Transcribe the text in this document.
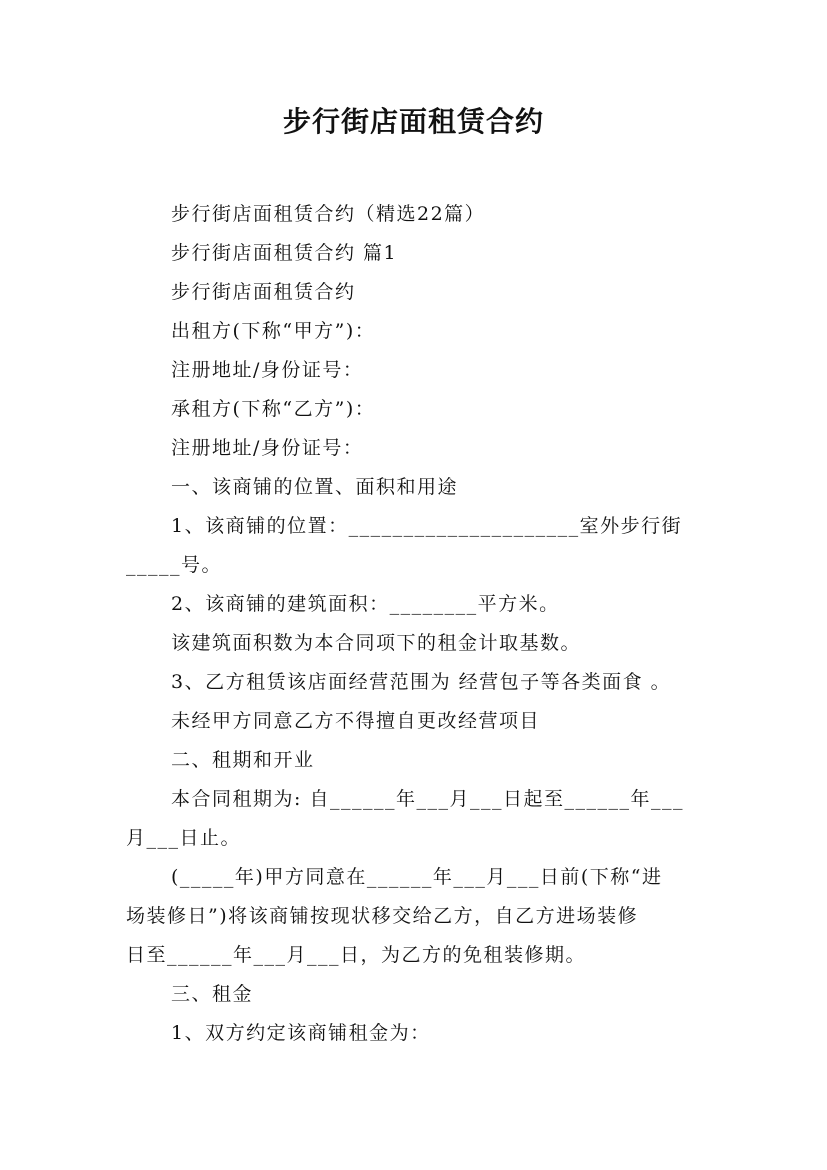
步行街店面租赁合约
步行街店面租赁合约（精选22篇）
步行街店面租赁合约 篇1
步行街店面租赁合约
出租方(下称“甲方”)：
注册地址/身份证号：
承租方(下称“乙方”)：
注册地址/身份证号：
一、该商铺的位置、面积和用途
1、该商铺的位置：_____________________室外步行街
_____号。
2、该商铺的建筑面积：________平方米。
该建筑面积数为本合同项下的租金计取基数。
3、乙方租赁该店面经营范围为 经营包子等各类面食 。
未经甲方同意乙方不得擅自更改经营项目
二、租期和开业
本合同租期为: 自______年___月___日起至______年___
月___日止。
(_____年)甲方同意在______年___月___日前(下称“进
场装修日”)将该商铺按现状移交给乙方，自乙方进场装修
日至______年___月___日，为乙方的免租装修期。
三、租金
1、双方约定该商铺租金为：
